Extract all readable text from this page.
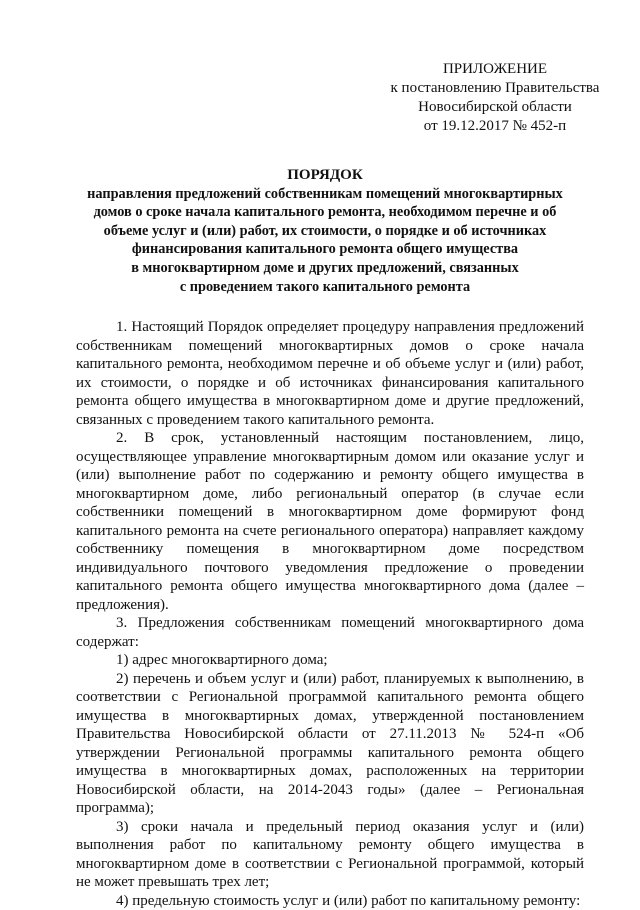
ПРИЛОЖЕНИЕ
к постановлению Правительства
Новосибирской области
от 19.12.2017 № 452-п
ПОРЯДОК
направления предложений собственникам помещений многоквартирных
домов о сроке начала капитального ремонта, необходимом перечне и об
объеме услуг и (или) работ, их стоимости, о порядке и об источниках
финансирования капитального ремонта общего имущества
в многоквартирном доме и других предложений, связанных
с проведением такого капитального ремонта

1. Настоящий Порядок определяет процедуру направления предложений собственникам помещений многоквартирных домов о сроке начала капитального ремонта, необходимом перечне и об объеме услуг и (или) работ, их стоимости, о порядке и об источниках финансирования капитального ремонта общего имущества в многоквартирном доме и другие предложений, связанных с проведением такого капитального ремонта.

2. В срок, установленный настоящим постановлением, лицо, осуществляющее управление многоквартирным домом или оказание услуг и (или) выполнение работ по содержанию и ремонту общего имущества в многоквартирном доме, либо региональный оператор (в случае если собственники помещений в многоквартирном доме формируют фонд капитального ремонта на счете регионального оператора) направляет каждому собственнику помещения в многоквартирном доме посредством индивидуального почтового уведомления предложение о проведении капитального ремонта общего имущества многоквартирного дома (далее – предложения).

3. Предложения собственникам помещений многоквартирного дома содержат:

1) адрес многоквартирного дома;

2) перечень и объем услуг и (или) работ, планируемых к выполнению, в соответствии с Региональной программой капитального ремонта общего имущества в многоквартирных домах, утвержденной постановлением Правительства Новосибирской области от 27.11.2013 № 524-п «Об утверждении Региональной программы капитального ремонта общего имущества в многоквартирных домах, расположенных на территории Новосибирской области, на 2014-2043 годы» (далее – Региональная программа);

3) сроки начала и предельный период оказания услуг и (или) выполнения работ по капитальному ремонту общего имущества в многоквартирном доме в соответствии с Региональной программой, который не может превышать трех лет;

4) предельную стоимость услуг и (или) работ по капитальному ремонту:
